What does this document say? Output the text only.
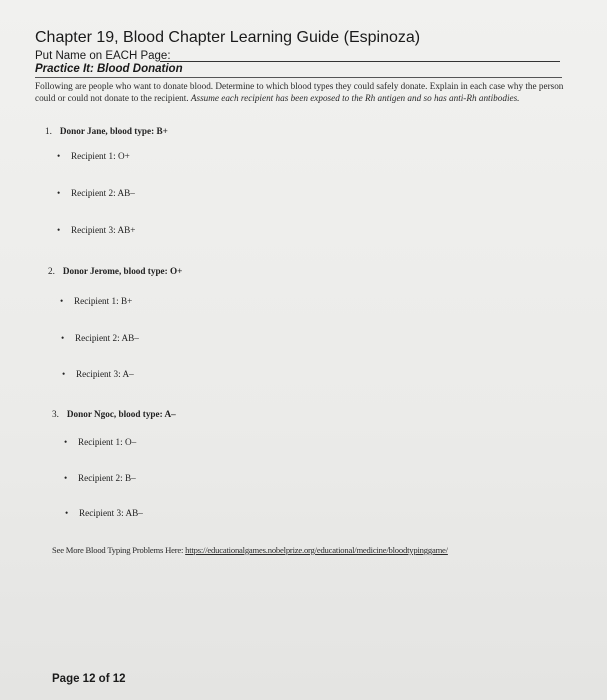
Chapter 19, Blood Chapter Learning Guide (Espinoza)
Put Name on EACH Page:
Practice It: Blood Donation
Following are people who want to donate blood. Determine to which blood types they could safely donate. Explain in each case why the person could or could not donate to the recipient. Assume each recipient has been exposed to the Rh antigen and so has anti-Rh antibodies.
1. Donor Jane, blood type: B+
• Recipient 1: O+
• Recipient 2: AB–
• Recipient 3: AB+
2. Donor Jerome, blood type: O+
• Recipient 1: B+
• Recipient 2: AB–
• Recipient 3: A–
3. Donor Ngoc, blood type: A–
• Recipient 1: O–
• Recipient 2: B–
• Recipient 3: AB–
See More Blood Typing Problems Here: https://educationalgames.nobelprize.org/educational/medicine/bloodtypinggame/
Page 12 of 12
